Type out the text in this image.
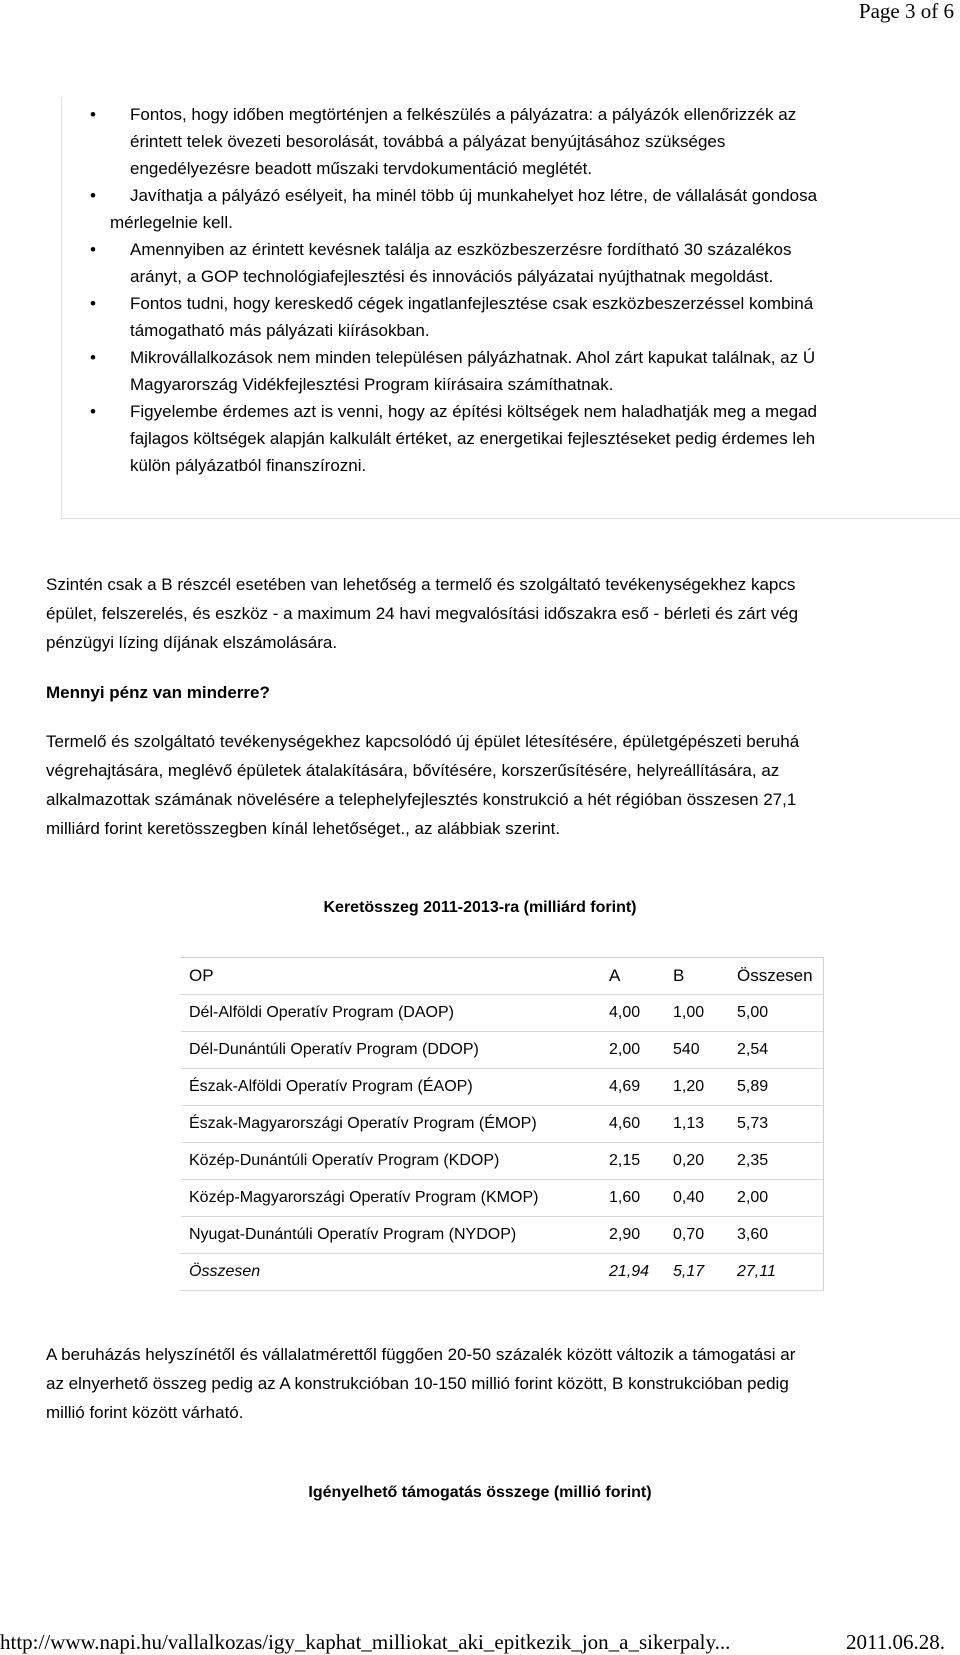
Page 3 of 6
• Fontos, hogy időben megtörténjen a felkészülés a pályázatra: a pályázók ellenőrizzék az
érintett telek övezeti besorolását, továbbá a pályázat benyújtásához szükséges
engedélyezésre beadott műszaki tervdokumentáció meglétét.
• Javíthatja a pályázó esélyeit, ha minél több új munkahelyet hoz létre, de vállalását gondosa
mérlegelnie kell.
• Amennyiben az érintett kevésnek találja az eszközbeszerzésre fordítható 30 százalékos
arányt, a GOP technológiafejlesztési és innovációs pályázatai nyújthatnak megoldást.
• Fontos tudni, hogy kereskedő cégek ingatlanfejlesztése csak eszközbeszerzéssel kombiná
támogatható más pályázati kiírásokban.
• Mikrovállalkozások nem minden településen pályázhatnak. Ahol zárt kapukat találnak, az Ú
Magyarország Vidékfejlesztési Program kiírásaira számíthatnak.
• Figyelembe érdemes azt is venni, hogy az építési költségek nem haladhatják meg a megad
fajlagos költségek alapján kalkulált értéket, az energetikai fejlesztéseket pedig érdemes leh
külön pályázatból finanszírozni.
Szintén csak a B részcél esetében van lehetőség a termelő és szolgáltató tevékenységekhez kapcs
épület, felszerelés, és eszköz - a maximum 24 havi megvalósítási időszakra eső - bérleti és zárt vég
pénzügyi lízing díjának elszámolására.
Mennyi pénz van minderre?
Termelő és szolgáltató tevékenységekhez kapcsolódó új épület létesítésére, épületgépészeti beruhá
végrehajtására, meglévő épületek átalakítására, bővítésére, korszerűsítésére, helyreállítására, az
alkalmazottak számának növelésére a telephelyfejlesztés konstrukció a hét régióban összesen 27,1
milliárd forint keretösszegben kínál lehetőséget., az alábbiak szerint.
Keretösszeg 2011-2013-ra (milliárd forint)
OP	A	B	Összesen
Dél-Alföldi Operatív Program (DAOP)	4,00	1,00	5,00
Dél-Dunántúli Operatív Program (DDOP)	2,00	540	2,54
Észak-Alföldi Operatív Program (ÉAOP)	4,69	1,20	5,89
Észak-Magyarországi Operatív Program (ÉMOP)	4,60	1,13	5,73
Közép-Dunántúli Operatív Program (KDOP)	2,15	0,20	2,35
Közép-Magyarországi Operatív Program (KMOP)	1,60	0,40	2,00
Nyugat-Dunántúli Operatív Program (NYDOP)	2,90	0,70	3,60
Összesen	21,94	5,17	27,11
A beruházás helyszínétől és vállalatmérettől függően 20-50 százalék között változik a támogatási ar
az elnyerhető összeg pedig az A konstrukcióban 10-150 millió forint között, B konstrukcióban pedig
millió forint között várható.
Igényelhető támogatás összege (millió forint)
http://www.napi.hu/vallalkozas/igy_kaphat_milliokat_aki_epitkezik_jon_a_sikerpaly...	2011.06.28.
